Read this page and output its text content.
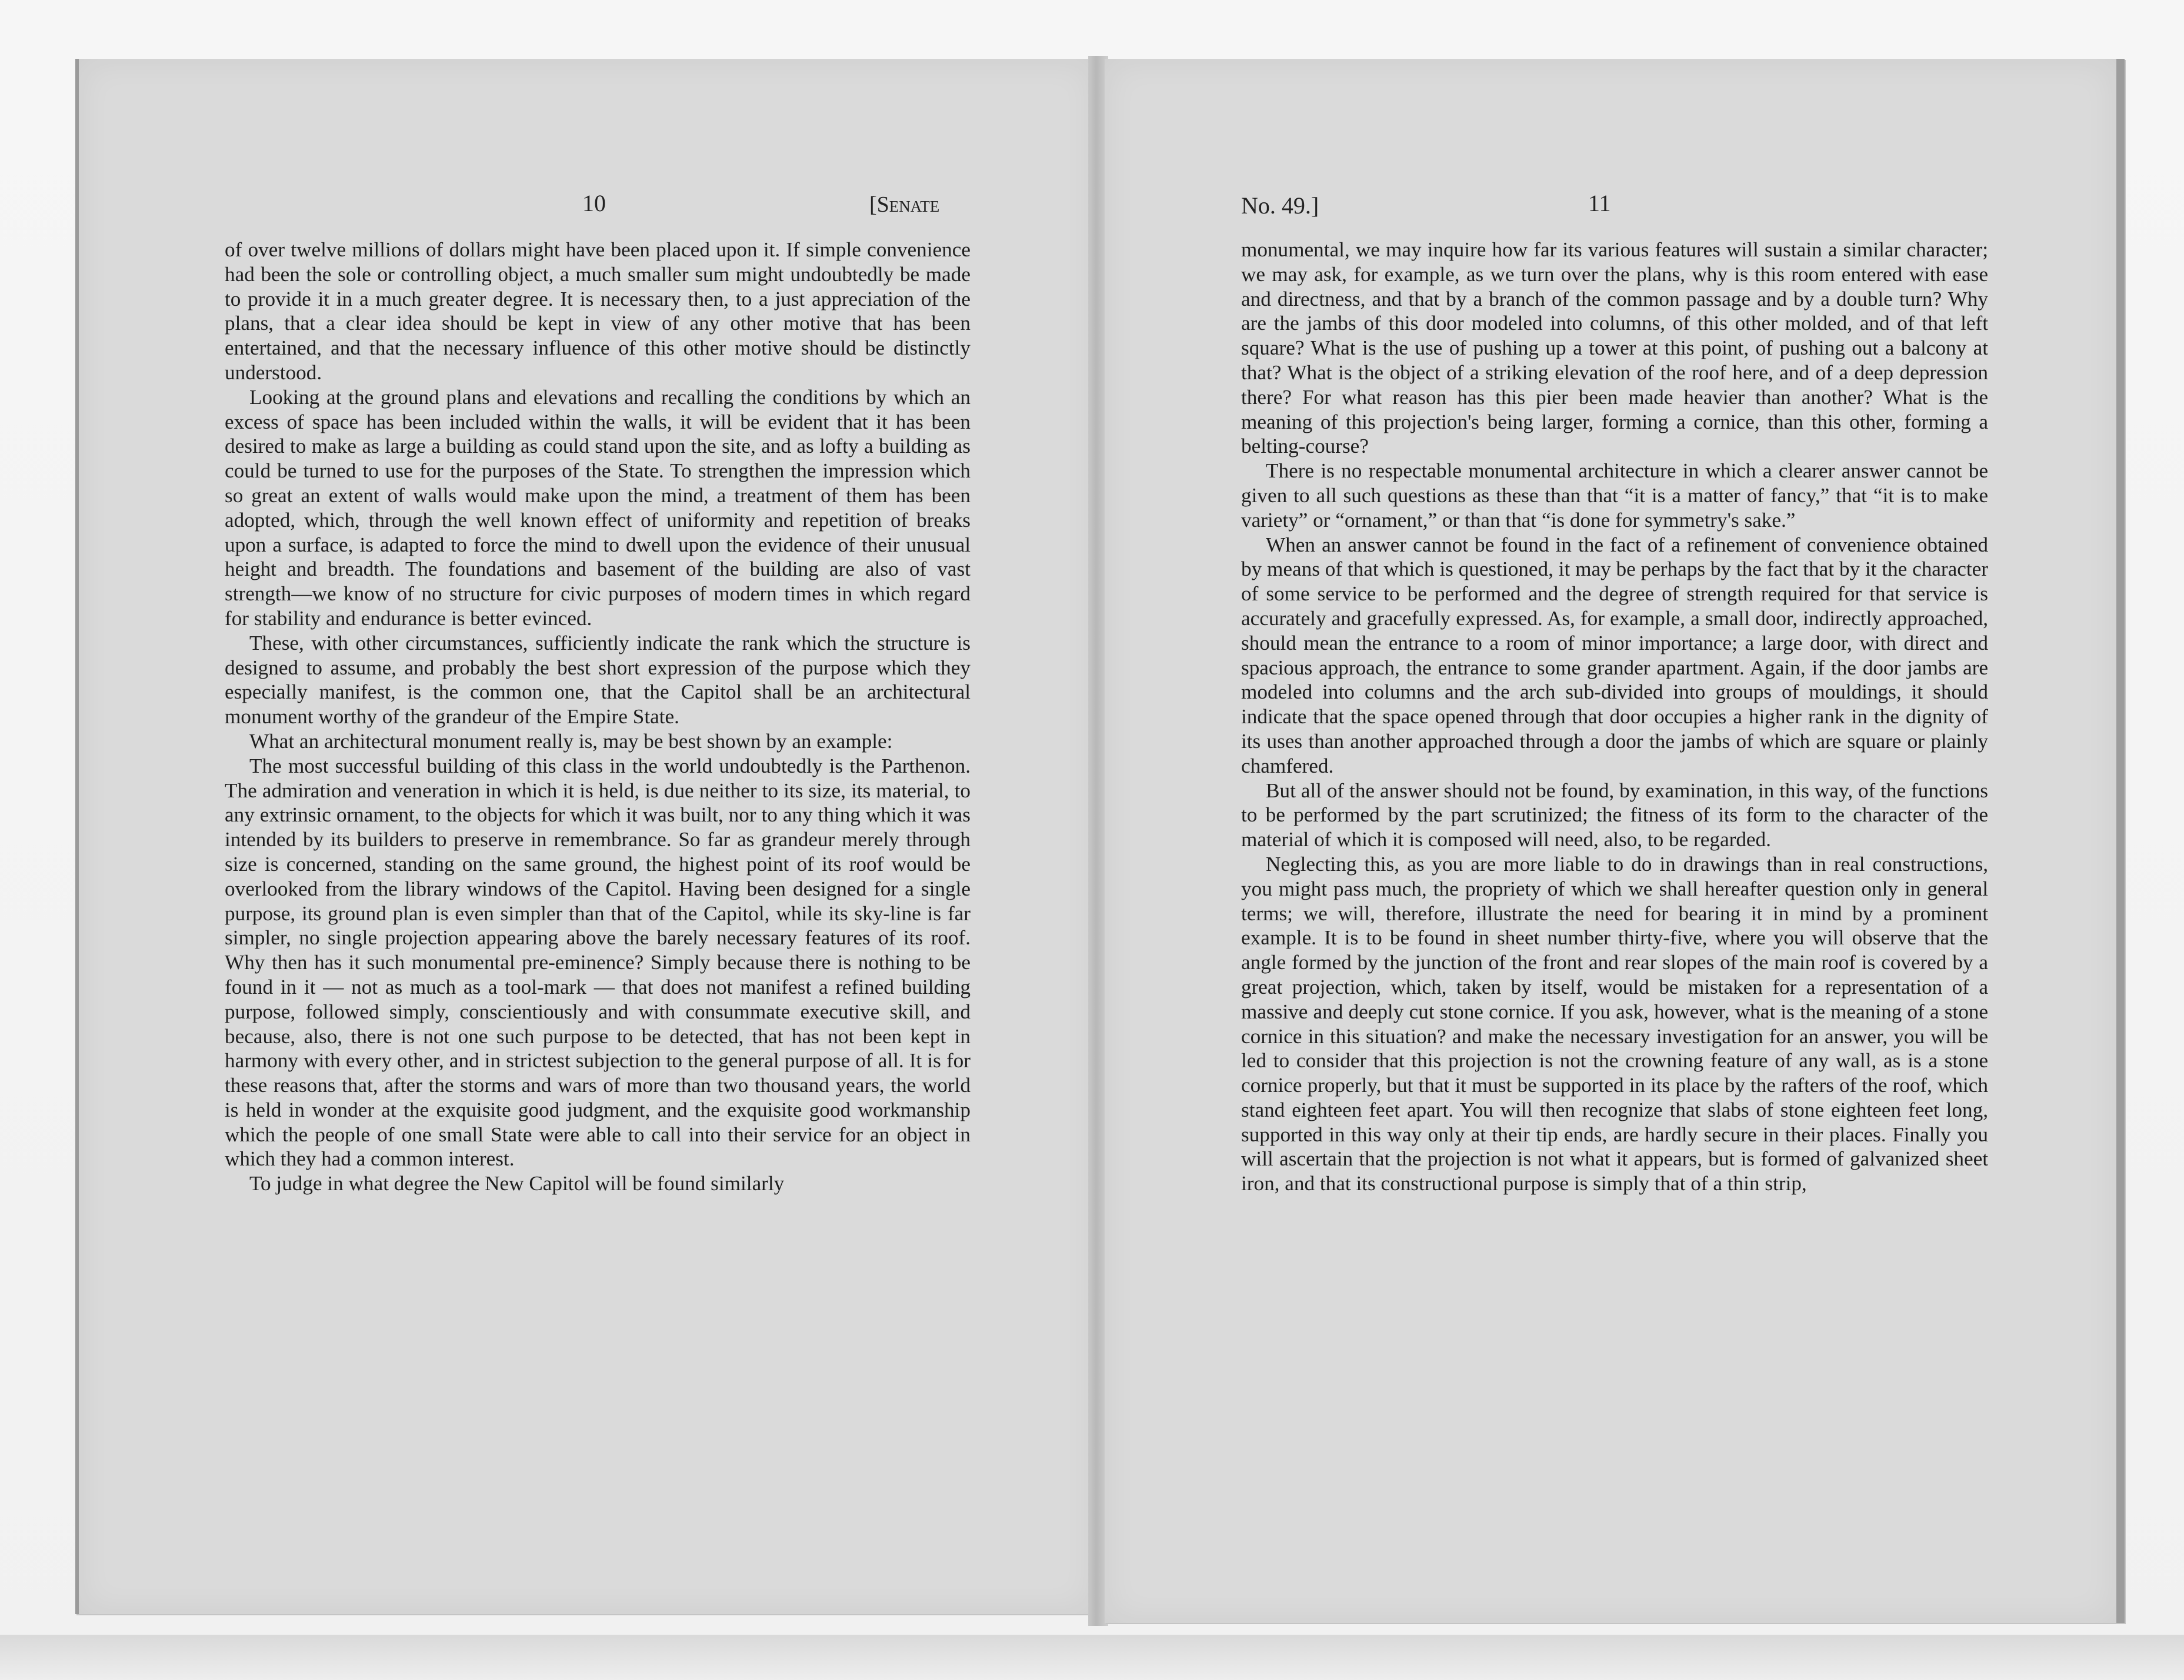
10	[Senate

of over twelve millions of dollars might have been placed upon it. If simple convenience had been the sole or controlling object, a much smaller sum might undoubtedly be made to provide it in a much greater degree. It is necessary then, to a just appreciation of the plans, that a clear idea should be kept in view of any other motive that has been entertained, and that the necessary influence of this other motive should be distinctly understood.

Looking at the ground plans and elevations and recalling the conditions by which an excess of space has been included within the walls, it will be evident that it has been desired to make as large a building as could stand upon the site, and as lofty a building as could be turned to use for the purposes of the State. To strengthen the impression which so great an extent of walls would make upon the mind, a treatment of them has been adopted, which, through the well known effect of uniformity and repetition of breaks upon a surface, is adapted to force the mind to dwell upon the evidence of their unusual height and breadth. The foundations and basement of the building are also of vast strength—we know of no structure for civic purposes of modern times in which regard for stability and endurance is better evinced.

These, with other circumstances, sufficiently indicate the rank which the structure is designed to assume, and probably the best short expression of the purpose which they especially manifest, is the common one, that the Capitol shall be an architectural monument worthy of the grandeur of the Empire State.

What an architectural monument really is, may be best shown by an example:

The most successful building of this class in the world undoubtedly is the Parthenon. The admiration and veneration in which it is held, is due neither to its size, its material, to any extrinsic ornament, to the objects for which it was built, nor to any thing which it was intended by its builders to preserve in remembrance. So far as grandeur merely through size is concerned, standing on the same ground, the highest point of its roof would be overlooked from the library windows of the Capitol. Having been designed for a single purpose, its ground plan is even simpler than that of the Capitol, while its sky-line is far simpler, no single projection appearing above the barely necessary features of its roof. Why then has it such monumental pre-eminence? Simply because there is nothing to be found in it — not as much as a tool-mark — that does not manifest a refined building purpose, followed simply, conscientiously and with consummate executive skill, and because, also, there is not one such purpose to be detected, that has not been kept in harmony with every other, and in strictest subjection to the general purpose of all. It is for these reasons that, after the storms and wars of more than two thousand years, the world is held in wonder at the exquisite good judgment, and the exquisite good workmanship which the people of one small State were able to call into their service for an object in which they had a common interest.

To judge in what degree the New Capitol will be found similarly

No. 49.]	11

monumental, we may inquire how far its various features will sustain a similar character; we may ask, for example, as we turn over the plans, why is this room entered with ease and directness, and that by a branch of the common passage and by a double turn? Why are the jambs of this door modeled into columns, of this other molded, and of that left square? What is the use of pushing up a tower at this point, of pushing out a balcony at that? What is the object of a striking elevation of the roof here, and of a deep depression there? For what reason has this pier been made heavier than another? What is the meaning of this projection's being larger, forming a cornice, than this other, forming a belting-course?

There is no respectable monumental architecture in which a clearer answer cannot be given to all such questions as these than that “it is a matter of fancy,” that “it is to make variety” or “ornament,” or than that “is done for symmetry's sake.”

When an answer cannot be found in the fact of a refinement of convenience obtained by means of that which is questioned, it may be perhaps by the fact that by it the character of some service to be performed and the degree of strength required for that service is accurately and gracefully expressed. As, for example, a small door, indirectly approached, should mean the entrance to a room of minor importance; a large door, with direct and spacious approach, the entrance to some grander apartment. Again, if the door jambs are modeled into columns and the arch sub-divided into groups of mouldings, it should indicate that the space opened through that door occupies a higher rank in the dignity of its uses than another approached through a door the jambs of which are square or plainly chamfered.

But all of the answer should not be found, by examination, in this way, of the functions to be performed by the part scrutinized; the fitness of its form to the character of the material of which it is composed will need, also, to be regarded.

Neglecting this, as you are more liable to do in drawings than in real constructions, you might pass much, the propriety of which we shall hereafter question only in general terms; we will, therefore, illustrate the need for bearing it in mind by a prominent example. It is to be found in sheet number thirty-five, where you will observe that the angle formed by the junction of the front and rear slopes of the main roof is covered by a great projection, which, taken by itself, would be mistaken for a representation of a massive and deeply cut stone cornice. If you ask, however, what is the meaning of a stone cornice in this situation? and make the necessary investigation for an answer, you will be led to consider that this projection is not the crowning feature of any wall, as is a stone cornice properly, but that it must be supported in its place by the rafters of the roof, which stand eighteen feet apart. You will then recognize that slabs of stone eighteen feet long, supported in this way only at their tip ends, are hardly secure in their places. Finally you will ascertain that the projection is not what it appears, but is formed of galvanized sheet iron, and that its constructional purpose is simply that of a thin strip,
